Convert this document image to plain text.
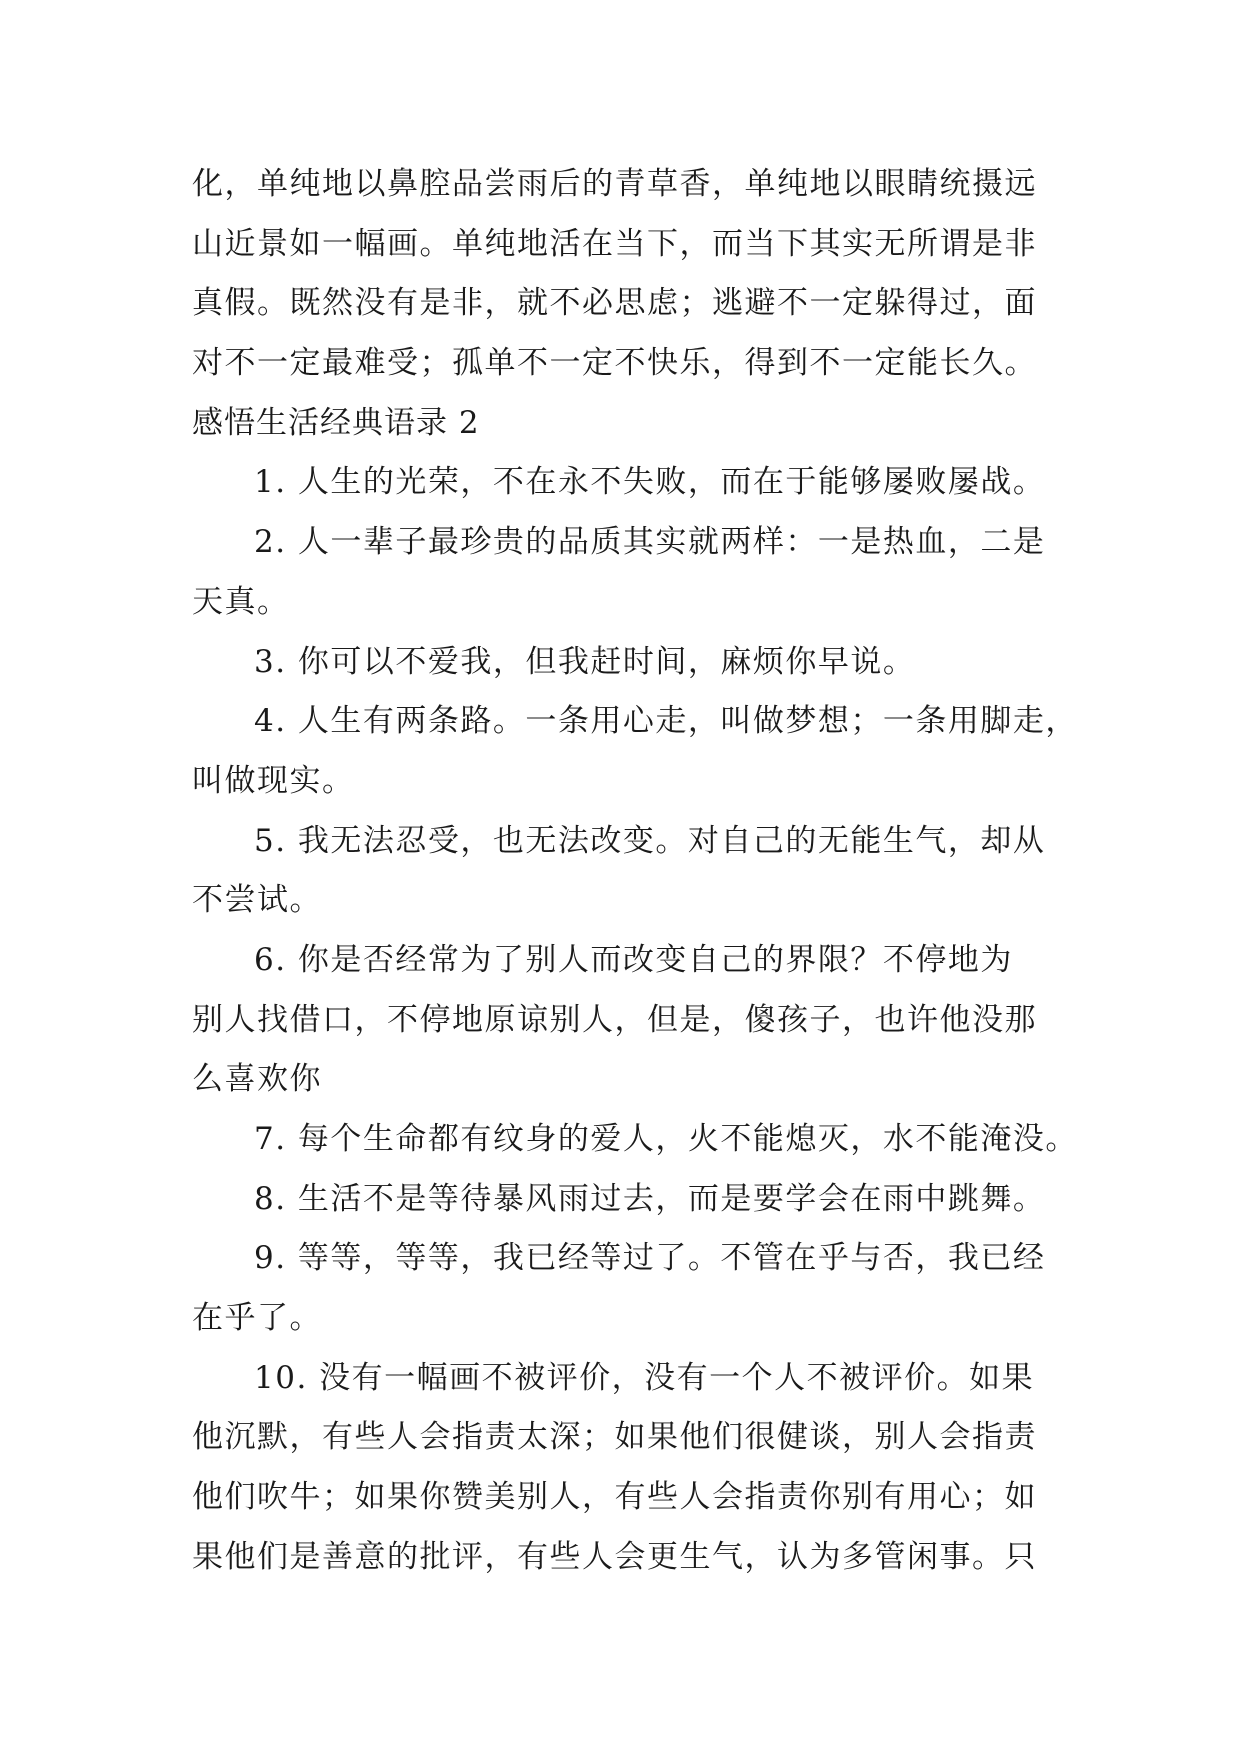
化，单纯地以鼻腔品尝雨后的青草香，单纯地以眼睛统摄远
山近景如一幅画。单纯地活在当下，而当下其实无所谓是非
真假。既然没有是非，就不必思虑；逃避不一定躲得过，面
对不一定最难受；孤单不一定不快乐，得到不一定能长久。
感悟生活经典语录 2
1. 人生的光荣，不在永不失败，而在于能够屡败屡战。
2. 人一辈子最珍贵的品质其实就两样：一是热血，二是
天真。
3. 你可以不爱我，但我赶时间，麻烦你早说。
4. 人生有两条路。一条用心走，叫做梦想；一条用脚走，
叫做现实。
5. 我无法忍受，也无法改变。对自己的无能生气，却从
不尝试。
6. 你是否经常为了别人而改变自己的界限？不停地为
别人找借口，不停地原谅别人，但是，傻孩子，也许他没那
么喜欢你
7. 每个生命都有纹身的爱人，火不能熄灭，水不能淹没。
8. 生活不是等待暴风雨过去，而是要学会在雨中跳舞。
9. 等等，等等，我已经等过了。不管在乎与否，我已经
在乎了。
10. 没有一幅画不被评价，没有一个人不被评价。如果
他沉默，有些人会指责太深；如果他们很健谈，别人会指责
他们吹牛；如果你赞美别人，有些人会指责你别有用心；如
果他们是善意的批评，有些人会更生气，认为多管闲事。只
